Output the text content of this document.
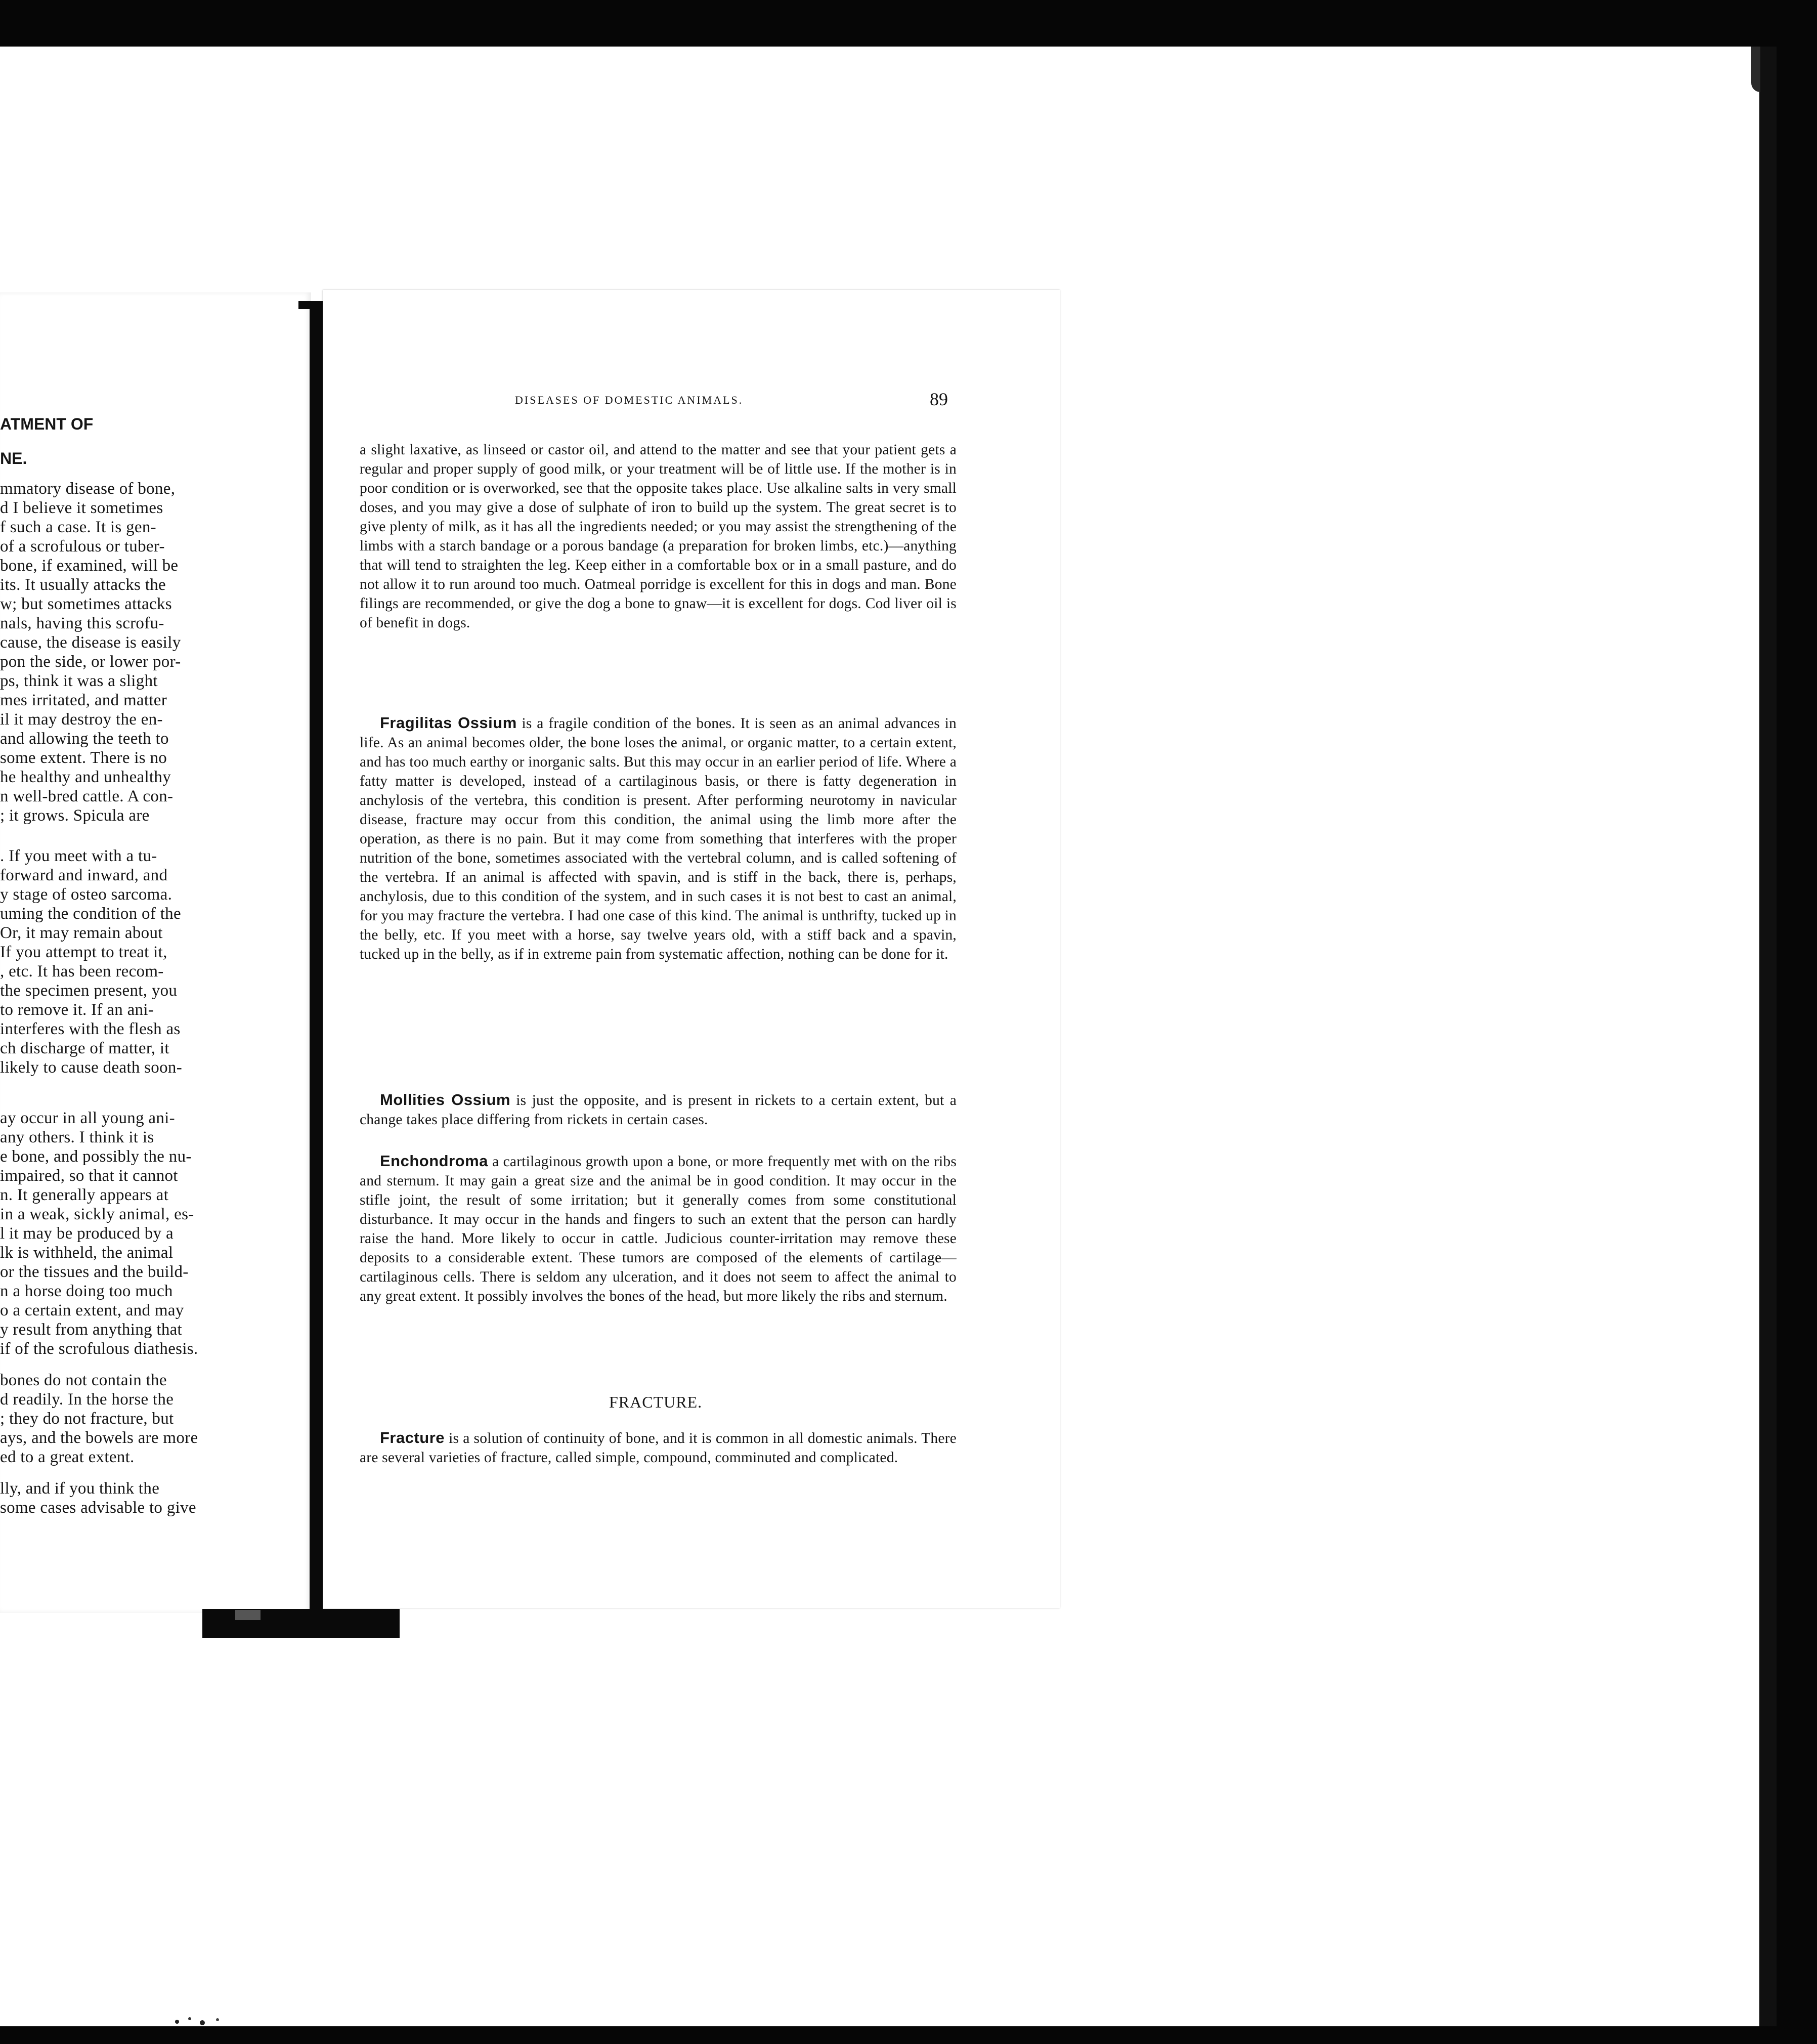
ATMENT OF
NE.
mmatory disease of bone,
d I believe it sometimes
f such a case. It is gen-
of a scrofulous or tuber-
bone, if examined, will be
its. It usually attacks the
w; but sometimes attacks
nals, having this scrofu-
cause, the disease is easily
pon the side, or lower por-
ps, think it was a slight
mes irritated, and matter
il it may destroy the en-
and allowing the teeth to
some extent. There is no
he healthy and unhealthy
n well-bred cattle. A con-
; it grows. Spicula are
. If you meet with a tu-
forward and inward, and
y stage of osteo sarcoma.
uming the condition of the
Or, it may remain about
If you attempt to treat it,
, etc. It has been recom-
the specimen present, you
to remove it. If an ani-
interferes with the flesh as
ch discharge of matter, it
likely to cause death soon-
ay occur in all young ani-
any others. I think it is
e bone, and possibly the nu-
impaired, so that it cannot
n. It generally appears at
in a weak, sickly animal, es-
l it may be produced by a
lk is withheld, the animal
or the tissues and the build-
n a horse doing too much
o a certain extent, and may
y result from anything that
if of the scrofulous diathesis.
bones do not contain the
d readily. In the horse the
; they do not fracture, but
ays, and the bowels are more
ed to a great extent.
lly, and if you think the
some cases advisable to give
DISEASES OF DOMESTIC ANIMALS.	89

a slight laxative, as linseed or castor oil, and attend to the matter and see that your patient gets a regular and proper supply of good milk, or your treatment will be of little use. If the mother is in poor condition or is overworked, see that the opposite takes place. Use alkaline salts in very small doses, and you may give a dose of sulphate of iron to build up the system. The great secret is to give plenty of milk, as it has all the ingredients needed; or you may assist the strengthening of the limbs with a starch bandage or a porous bandage (a preparation for broken limbs, etc.)—anything that will tend to straighten the leg. Keep either in a comfortable box or in a small pasture, and do not allow it to run around too much. Oatmeal porridge is excellent for this in dogs and man. Bone filings are recommended, or give the dog a bone to gnaw—it is excellent for dogs. Cod liver oil is of benefit in dogs.

Fragilitas Ossium is a fragile condition of the bones. It is seen as an animal advances in life. As an animal becomes older, the bone loses the animal, or organic matter, to a certain extent, and has too much earthy or inorganic salts. But this may occur in an earlier period of life. Where a fatty matter is developed, instead of a cartilaginous basis, or there is fatty degeneration in anchylosis of the vertebra, this condition is present. After performing neurotomy in navicular disease, fracture may occur from this condition, the animal using the limb more after the operation, as there is no pain. But it may come from something that interferes with the proper nutrition of the bone, sometimes associated with the vertebral column, and is called softening of the vertebra. If an animal is affected with spavin, and is stiff in the back, there is, perhaps, anchylosis, due to this condition of the system, and in such cases it is not best to cast an animal, for you may fracture the vertebra. I had one case of this kind. The animal is unthrifty, tucked up in the belly, etc. If you meet with a horse, say twelve years old, with a stiff back and a spavin, tucked up in the belly, as if in extreme pain from systematic affection, nothing can be done for it.

Mollities Ossium is just the opposite, and is present in rickets to a certain extent, but a change takes place differing from rickets in certain cases.

Enchondroma a cartilaginous growth upon a bone, or more frequently met with on the ribs and sternum. It may gain a great size and the animal be in good condition. It may occur in the stifle joint, the result of some irritation; but it generally comes from some constitutional disturbance. It may occur in the hands and fingers to such an extent that the person can hardly raise the hand. More likely to occur in cattle. Judicious counter-irritation may remove these deposits to a considerable extent. These tumors are composed of the elements of cartilage—cartilaginous cells. There is seldom any ulceration, and it does not seem to affect the animal to any great extent. It possibly involves the bones of the head, but more likely the ribs and sternum.

FRACTURE.

Fracture is a solution of continuity of bone, and it is common in all domestic animals. There are several varieties of fracture, called simple, compound, comminuted and complicated.
